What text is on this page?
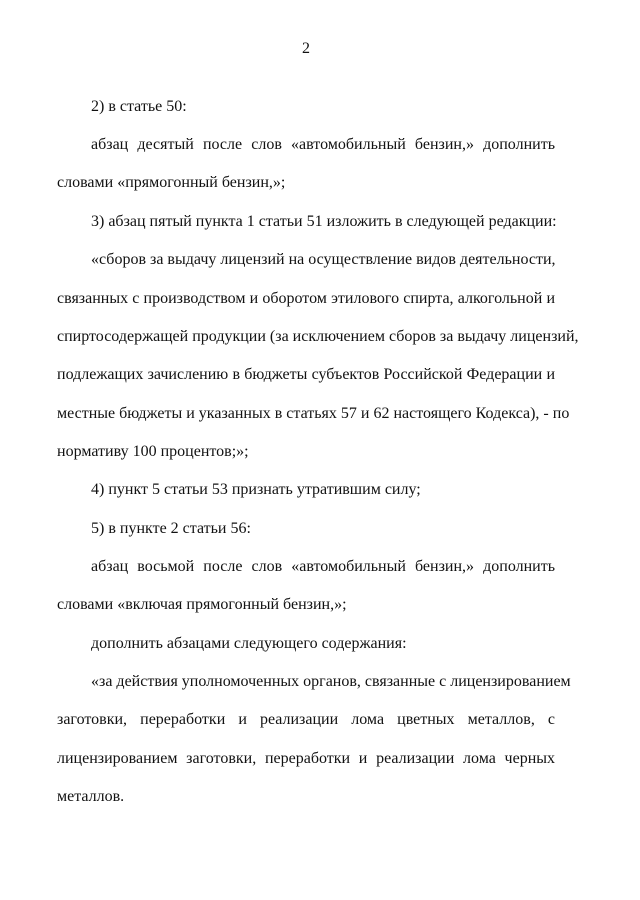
2
2) в статье 50:
абзац десятый после слов «автомобильный бензин,» дополнить
словами «прямогонный бензин,»;
3) абзац пятый пункта 1 статьи 51 изложить в следующей редакции:
«сборов за выдачу лицензий на осуществление видов деятельности,
связанных с производством и оборотом этилового спирта, алкогольной и
спиртосодержащей продукции (за исключением сборов за выдачу лицензий,
подлежащих зачислению в бюджеты субъектов Российской Федерации и
местные бюджеты и указанных в статьях 57 и 62 настоящего Кодекса), - по
нормативу 100 процентов;»;
4) пункт 5 статьи 53 признать утратившим силу;
5) в пункте 2 статьи 56:
абзац восьмой после слов «автомобильный бензин,» дополнить
словами «включая прямогонный бензин,»;
дополнить абзацами следующего содержания:
«за действия уполномоченных органов, связанные с лицензированием
заготовки, переработки и реализации лома цветных металлов, с
лицензированием заготовки, переработки и реализации лома черных
металлов.
